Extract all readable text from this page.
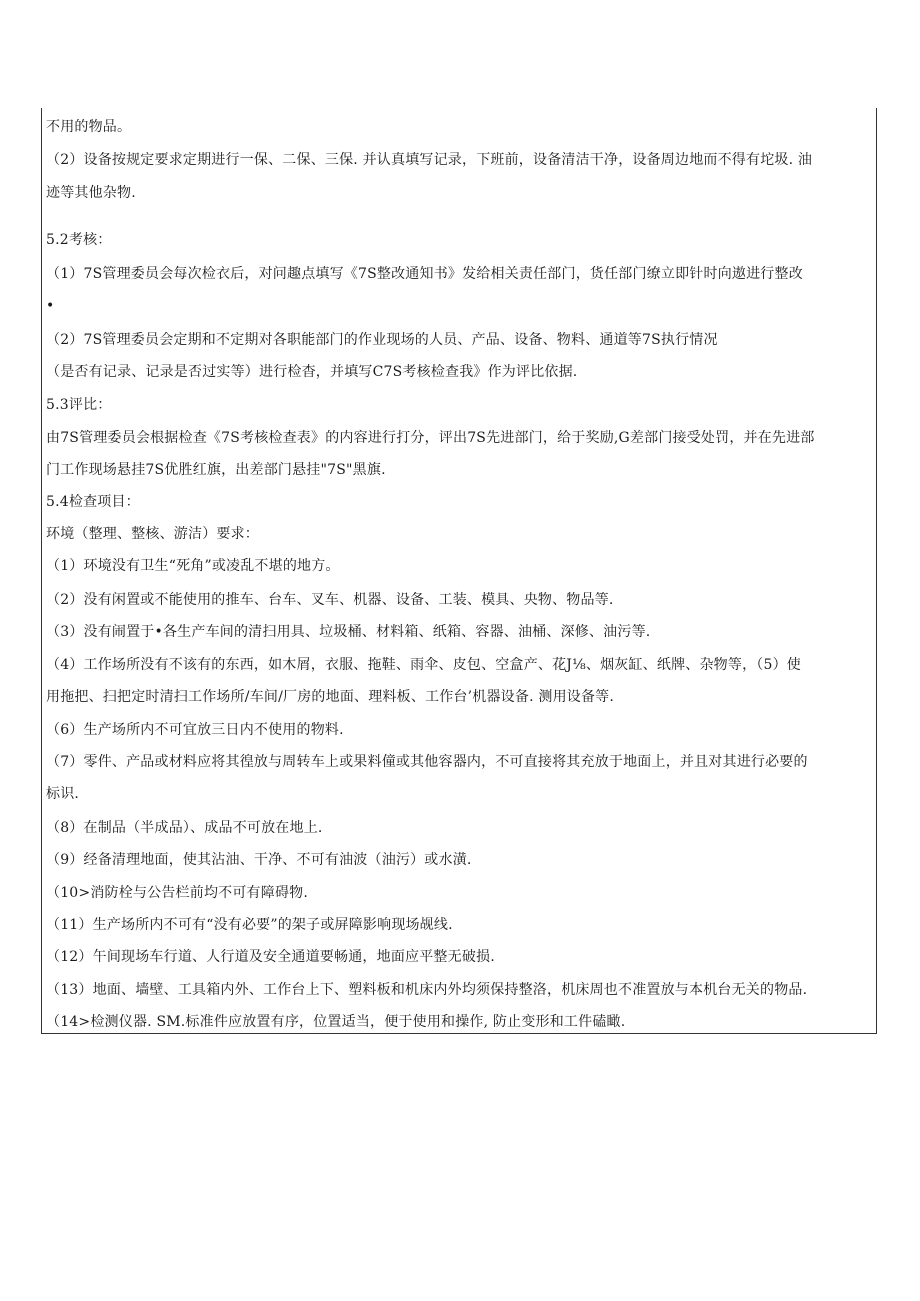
不用的物品。
（2）设备按规定要求定期进行一保、二保、三保. 并认真填写记录，下班前，设备清洁干净，设备周边地而不得有坨圾. 油
迹等其他杂物.
5.2考核：
（1）7S管理委员会每次检衣后，对问趣点填写《7S整改通知书》发给相关责任部门，货任部门缭立即针时向遨进行整改
•
（2）7S管理委员会定期和不定期对各职能部门的作业现场的人员、产品、设备、物料、通道等7S执行情况
（是否有记录、记录是否过实等）进行检杳，并填写C7S考核检查我》作为评比依据.
5.3评比：
由7S管理委员会根据检查《7S考核检查表》的内容进行打分，评出7S先进部门，给于奖励,G差部门接受处罚，并在先进部
门工作现场悬挂7S优胜红旗，出差部门悬挂"7S"黑旗.
5.4检查项目：
环境（整理、整核、游洁）要求：
（1）环境没有卫生“死角”或凌乱不堪的地方。
（2）没有闲置或不能使用的推车、台车、叉车、机器、设备、工装、模具、央物、物品等.
（3）没有闹置于•各生产车间的清扫用具、垃圾桶、材料箱、纸箱、容器、油桶、深修、油污等.
（4）工作场所没有不该有的东西，如木屑，衣服、拖鞋、雨伞、皮包、空盒产、花J⅛、烟灰缸、纸牌、杂物等，（5）使
用拖把、扫把定时清扫工作场所/车间/厂房的地面、理料板、工作台’机器设备. 测用设备等.
（6）生产场所内不可宜放三日内不使用的物料.
（7）零件、产品或材料应将其徨放与周转车上或果料僮或其他容器内，不可直接将其充放于地面上，并且对其进行必要的
标识.
（8）在制品（半成品）、成品不可放在地上.
（9）经备清理地面，使其沾油、干净、不可有油波（油污）或水潢.
（10>消防栓与公告栏前均不可有障碍物.
（11）生产场所内不可有“没有必要”的架子或屏障影响现场觇线.
（12）午间现场车行道、人行道及安全通道要畅通，地面应平整无破损.
（13）地面、墙壁、工具箱内外、工作台上下、塑料板和机床内外均须保持整洛，机床周也不准置放与本机台无关的物品.
（14>检测仪器. SM.标准件应放置有序，位置适当，便于使用和操作, 防止变形和工件磕瞰.
